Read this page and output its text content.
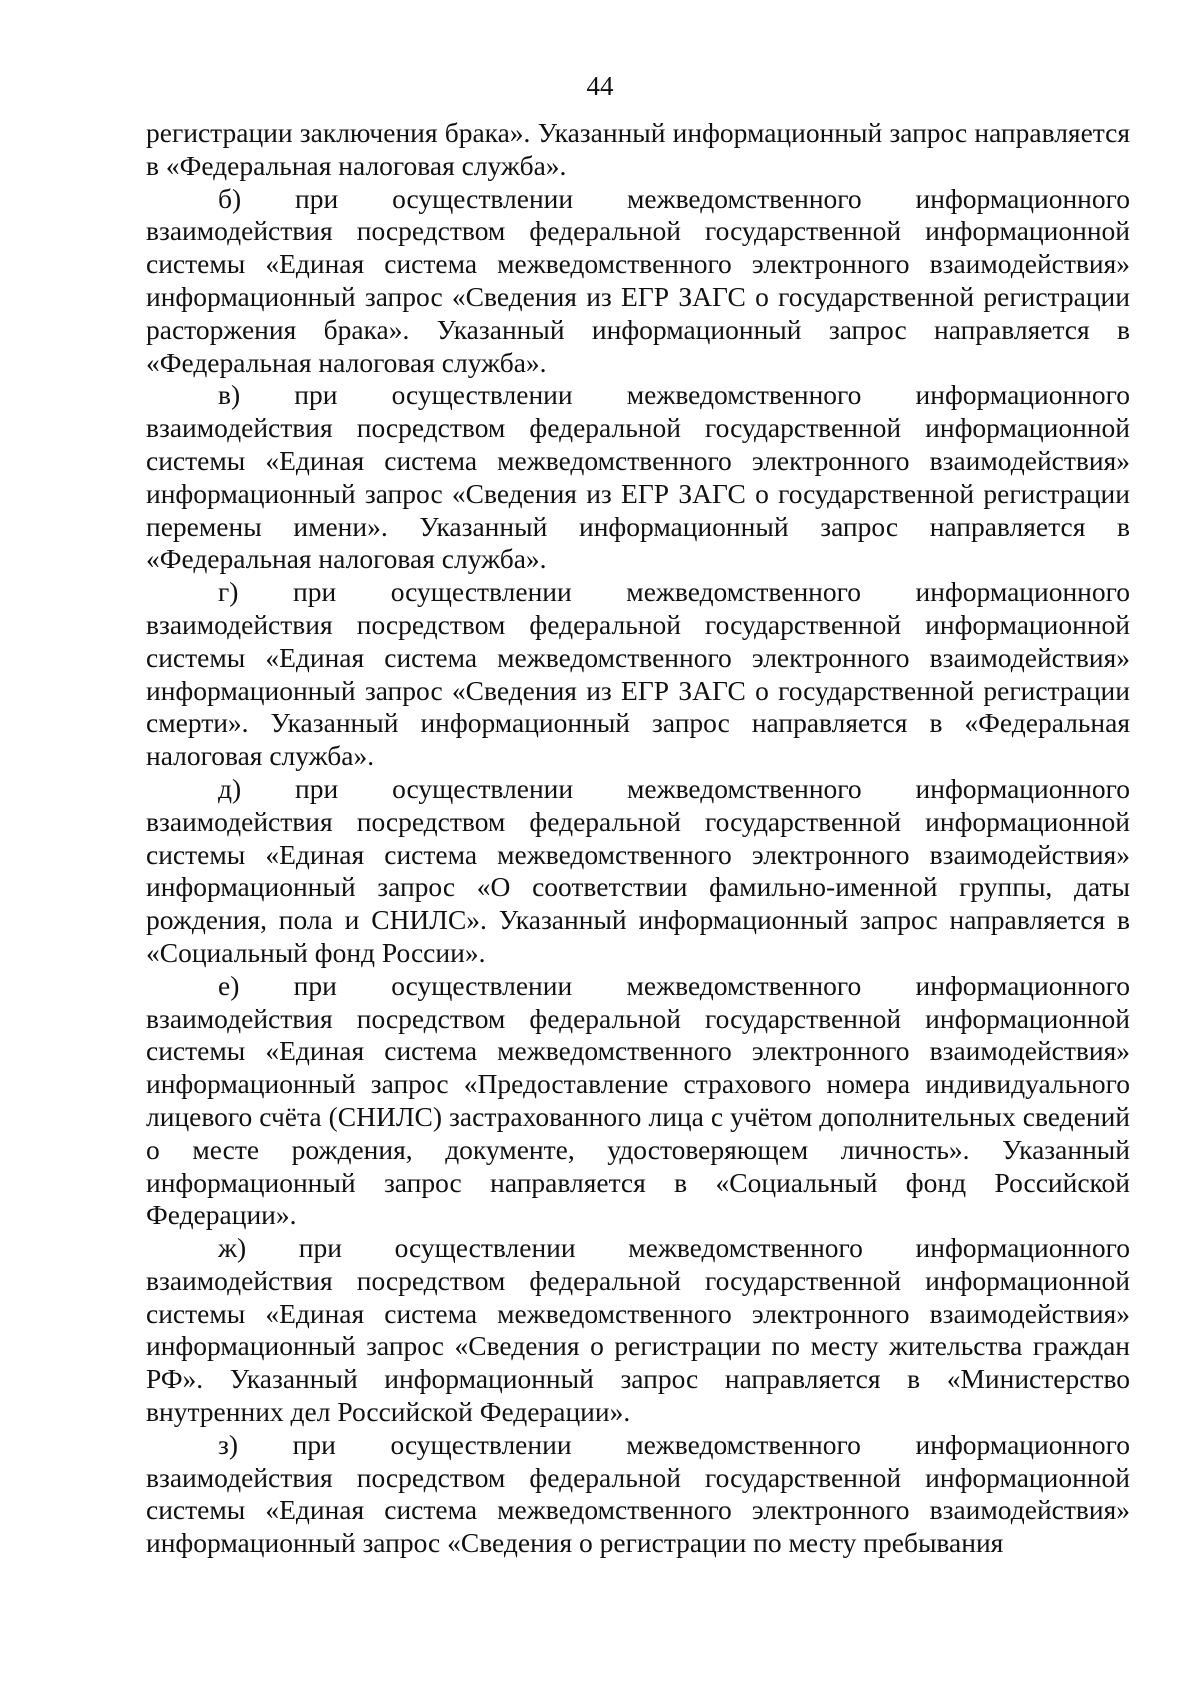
44

регистрации заключения брака». Указанный информационный запрос направляется в «Федеральная налоговая служба».

б) при осуществлении межведомственного информационного взаимодействия посредством федеральной государственной информационной системы «Единая система межведомственного электронного взаимодействия» информационный запрос «Сведения из ЕГР ЗАГС о государственной регистрации расторжения брака». Указанный информационный запрос направляется в «Федеральная налоговая служба».

в) при осуществлении межведомственного информационного взаимодействия посредством федеральной государственной информационной системы «Единая система межведомственного электронного взаимодействия» информационный запрос «Сведения из ЕГР ЗАГС о государственной регистрации перемены имени». Указанный информационный запрос направляется в «Федеральная налоговая служба».

г) при осуществлении межведомственного информационного взаимодействия посредством федеральной государственной информационной системы «Единая система межведомственного электронного взаимодействия» информационный запрос «Сведения из ЕГР ЗАГС о государственной регистрации смерти». Указанный информационный запрос направляется в «Федеральная налоговая служба».

д) при осуществлении межведомственного информационного взаимодействия посредством федеральной государственной информационной системы «Единая система межведомственного электронного взаимодействия» информационный запрос «О соответствии фамильно-именной группы, даты рождения, пола и СНИЛС». Указанный информационный запрос направляется в «Социальный фонд России».

е) при осуществлении межведомственного информационного взаимодействия посредством федеральной государственной информационной системы «Единая система межведомственного электронного взаимодействия» информационный запрос «Предоставление страхового номера индивидуального лицевого счёта (СНИЛС) застрахованного лица с учётом дополнительных сведений о месте рождения, документе, удостоверяющем личность». Указанный информационный запрос направляется в «Социальный фонд Российской Федерации».

ж) при осуществлении межведомственного информационного взаимодействия посредством федеральной государственной информационной системы «Единая система межведомственного электронного взаимодействия» информационный запрос «Сведения о регистрации по месту жительства граждан РФ». Указанный информационный запрос направляется в «Министерство внутренних дел Российской Федерации».

з) при осуществлении межведомственного информационного взаимодействия посредством федеральной государственной информационной системы «Единая система межведомственного электронного взаимодействия» информационный запрос «Сведения о регистрации по месту пребывания
